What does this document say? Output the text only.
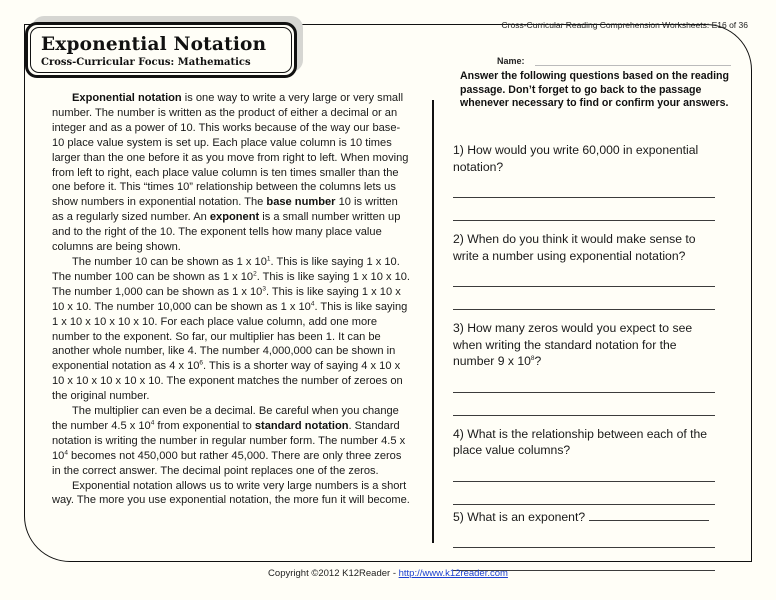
Exponential Notation
Cross-Curricular Focus: Mathematics
Cross-Curricular Reading Comprehension Worksheets: E16 of 36
Name:
Answer the following questions based on the reading passage. Don’t forget to go back to the passage whenever necessary to find or confirm your answers.

Exponential notation is one way to write a very large or very small number. The number is written as the product of either a decimal or an integer and as a power of 10. This works because of the way our base-10 place value system is set up. Each place value column is 10 times larger than the one before it as you move from right to left. When moving from left to right, each place value column is ten times smaller than the one before it. This “times 10” relationship between the columns lets us show numbers in exponential notation. The base number 10 is written as a regularly sized number. An exponent is a small number written up and to the right of the 10. The exponent tells how many place value columns are being shown.

The number 10 can be shown as 1 x $10^1$. This is like saying 1 x 10. The number 100 can be shown as 1 x $10^2$. This is like saying 1 x 10 x 10. The number 1,000 can be shown as 1 x $10^3$. This is like saying 1 x 10 x 10 x 10. The number 10,000 can be shown as 1 x $10^4$. This is like saying 1 x 10 x 10 x 10 x 10. For each place value column, add one more number to the exponent. So far, our multiplier has been 1. It can be another whole number, like 4. The number 4,000,000 can be shown in exponential notation as 4 x $10^6$. This is a shorter way of saying 4 x 10 x 10 x 10 x 10 x 10 x 10. The exponent matches the number of zeroes on the original number.

The multiplier can even be a decimal. Be careful when you change the number 4.5 x $10^4$ from exponential to standard notation. Standard notation is writing the number in regular number form. The number 4.5 x $10^4$ becomes not 450,000 but rather 45,000. There are only three zeros in the correct answer. The decimal point replaces one of the zeros.

Exponential notation allows us to write very large numbers is a short way. The more you use exponential notation, the more fun it will become.

1) How would you write 60,000 in exponential notation?

2) When do you think it would make sense to write a number using exponential notation?

3) How many zeros would you expect to see when writing the standard notation for the number 9 x $10^8$?

4) What is the relationship between each of the place value columns?

5) What is an exponent?

Copyright ©2012 K12Reader - http://www.k12reader.com
